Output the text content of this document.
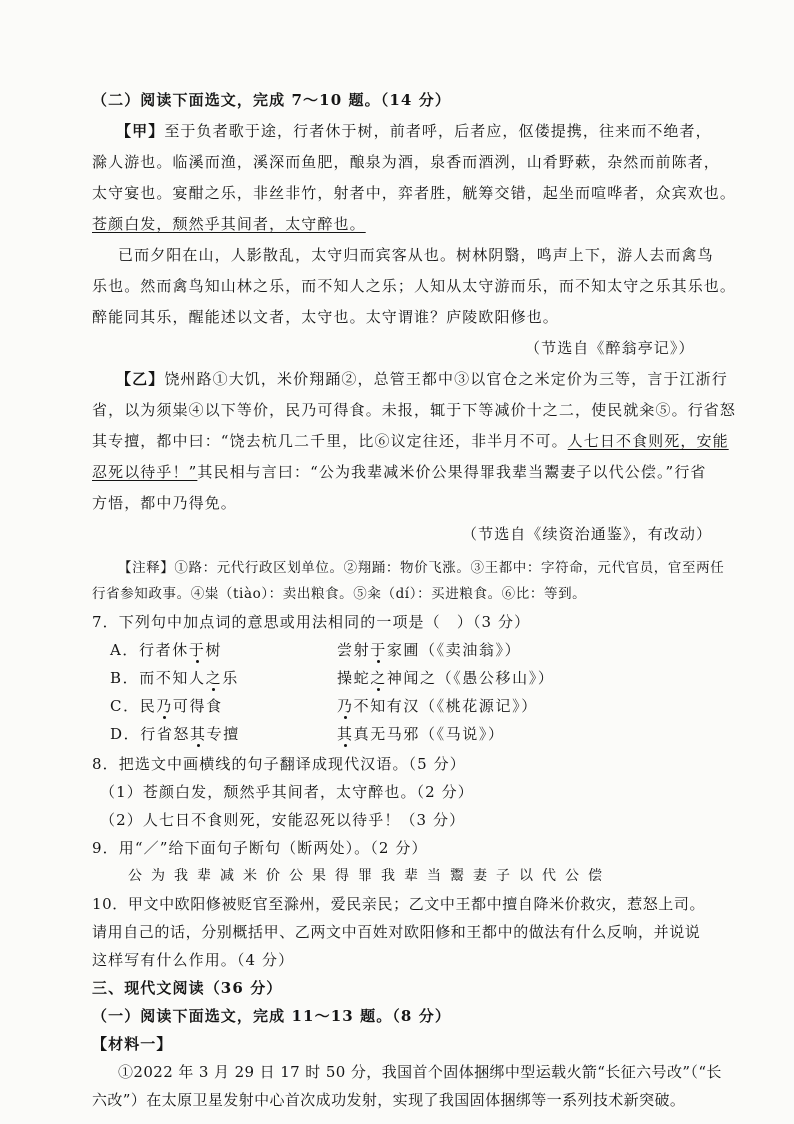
（二）阅读下面选文，完成 7～10 题。（14 分）
【甲】至于负者歌于途，行者休于树，前者呼，后者应，伛偻提携，往来而不绝者，
滁人游也。临溪而渔，溪深而鱼肥，酿泉为酒，泉香而酒洌，山肴野蔌，杂然而前陈者，
太守宴也。宴酣之乐，非丝非竹，射者中，弈者胜，觥筹交错，起坐而喧哗者，众宾欢也。
苍颜白发，颓然乎其间者，太守醉也。
已而夕阳在山，人影散乱，太守归而宾客从也。树林阴翳，鸣声上下，游人去而禽鸟
乐也。然而禽鸟知山林之乐，而不知人之乐；人知从太守游而乐，而不知太守之乐其乐也。
醉能同其乐，醒能述以文者，太守也。太守谓谁？庐陵欧阳修也。
（节选自《醉翁亭记》）
【乙】饶州路①大饥，米价翔踊②，总管王都中③以官仓之米定价为三等，言于江浙行
省，以为须粜④以下等价，民乃可得食。未报，辄于下等减价十之二，使民就籴⑤。行省怒
其专擅，都中曰：“饶去杭几二千里，比⑥议定往还，非半月不可。人七日不食则死，安能
忍死以待乎！”其民相与言曰：“公为我辈减米价公果得罪我辈当鬻妻子以代公偿。”行省
方悟，都中乃得免。
（节选自《续资治通鉴》，有改动）
【注释】①路：元代行政区划单位。②翔踊：物价飞涨。③王都中：字符命，元代官员，官至两任
行省参知政事。④粜（tiào）：卖出粮食。⑤籴（dí）：买进粮食。⑥比：等到。
7．下列句中加点词的意思或用法相同的一项是（　）（3 分）
A．行者休于树	尝射于家圃（《卖油翁》）
B．而不知人之乐	操蛇之神闻之（《愚公移山》）
C．民乃可得食	乃不知有汉（《桃花源记》）
D．行省怒其专擅	其真无马邪（《马说》）
8．把选文中画横线的句子翻译成现代汉语。（5 分）
（1）苍颜白发，颓然乎其间者，太守醉也。（2 分）
（2）人七日不食则死，安能忍死以待乎！（3 分）
9．用“／”给下面句子断句（断两处）。（2 分）
公为我辈减米价公果得罪我辈当鬻妻子以代公偿
10．甲文中欧阳修被贬官至滁州，爱民亲民；乙文中王都中擅自降米价救灾，惹怒上司。
请用自己的话，分别概括甲、乙两文中百姓对欧阳修和王都中的做法有什么反响，并说说
这样写有什么作用。（4 分）
三、现代文阅读（36 分）
（一）阅读下面选文，完成 11～13 题。（8 分）
【材料一】
①2022 年 3 月 29 日 17 时 50 分，我国首个固体捆绑中型运载火箭“长征六号改”（“长
六改”）在太原卫星发射中心首次成功发射，实现了我国固体捆绑等一系列技术新突破。
